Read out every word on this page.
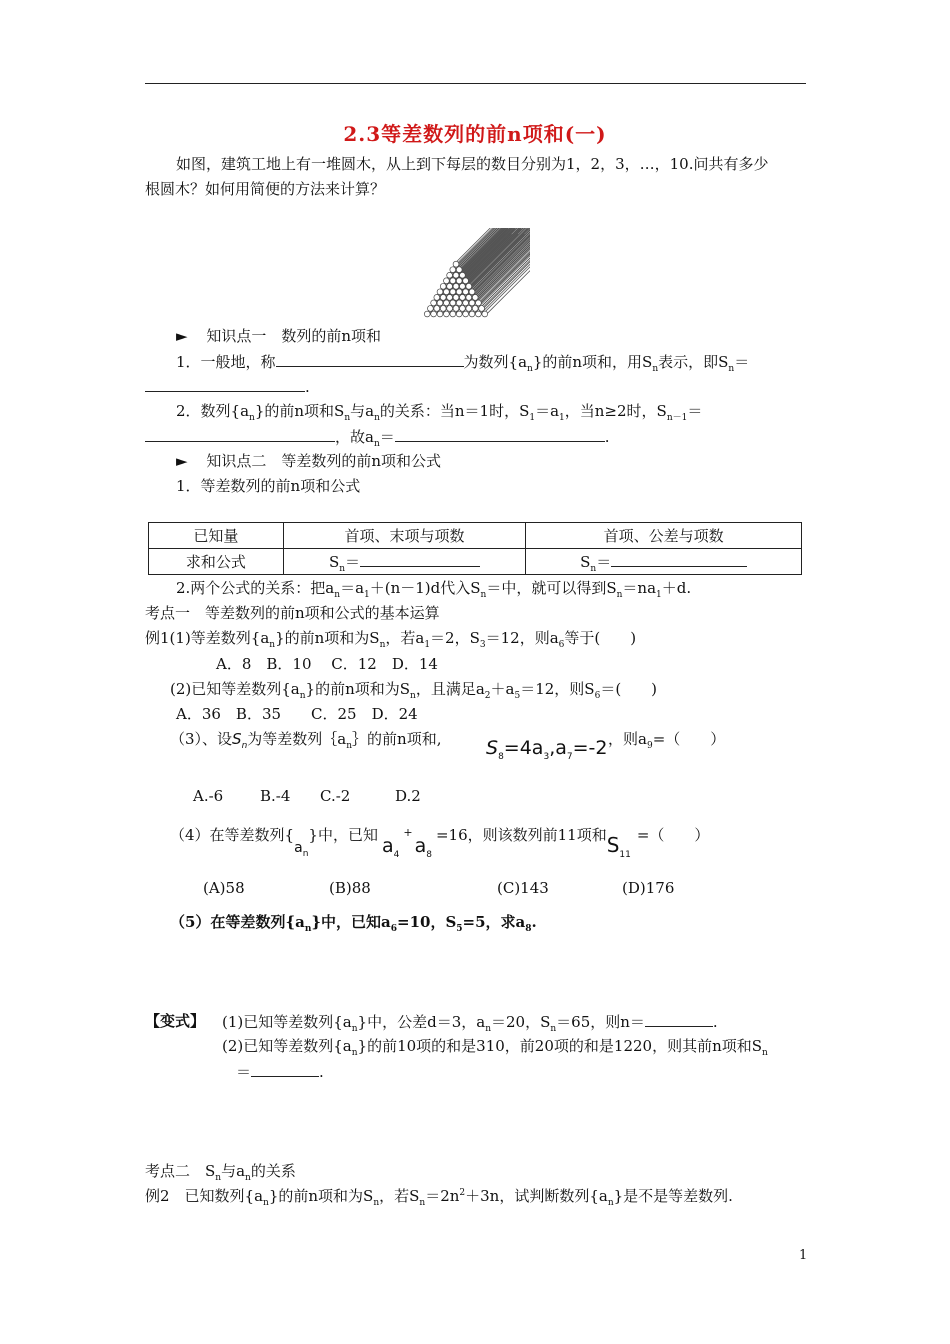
2.3等差数列的前n项和(一)
如图，建筑工地上有一堆圆木，从上到下每层的数目分别为1，2，3，…，10.问共有多少
根圆木？如何用简便的方法来计算？
► 知识点一　数列的前n项和
1．一般地，称	为数列$\{a_n\}$的前n项和，用$S_n$表示，即$S_n=$
.
2．数列$\{a_n\}$的前n项和$S_n$与$a_n$的关系：当n＝1时，$S_1=a_1$，当n≥2时，$S_{n-1}=$
，故$a_n=$	.
► 知识点二　等差数列的前n项和公式
1．等差数列的前n项和公式
已知量	首项、末项与项数	首项、公差与项数
求和公式	$S_n=$	$S_n=$
2.两个公式的关系：把$a_n=a_1+(n-1)d$代入$S_n=$中，就可以得到$S_n=na_1+d$.
考点一　等差数列的前n项和公式的基本运算
例1(1)等差数列$\{a_n\}$的前n项和为$S_n$，若$a_1=2$，$S_3=12$，则$a_6$等于(　　)
A．8　B．10　 C．12　D．14
(2)已知等差数列$\{a_n\}$的前n项和为$S_n$，且满足$a_2+a_5=12$，则$S_6=$(　　)
A．36　B．35　　C．25　D．24
（3）、设$S_n$为等差数列$\{a_n\}$的前n项和, $S_8=4a_3,a_7=-2$ ，则$a_9=$（　　）
A.-6 B.-4 C.-2	D.2
（4）在等差数列$\{a_n\}$中，已知 $a_4^+a_8=16$，则该数列前11项和$S_{11}=$（　　）
(A)58	(B)88	(C)143	(D)176
（5）在等差数列$\{a_n\}$中，已知$a_6=10$，$S_5=5$，求$a_8$.
【变式】 (1)已知等差数列$\{a_n\}$中，公差d＝3，$a_n=20$，$S_n=65$，则n＝	.
(2)已知等差数列$\{a_n\}$的前10项的和是310，前20项的和是1220，则其前n项和$S_n$
＝	.
考点二　$S_n$与$a_n$的关系
例2　已知数列$\{a_n\}$的前n项和为$S_n$，若$S_n=2n^2+3n$，试判断数列$\{a_n\}$是不是等差数列.
1
